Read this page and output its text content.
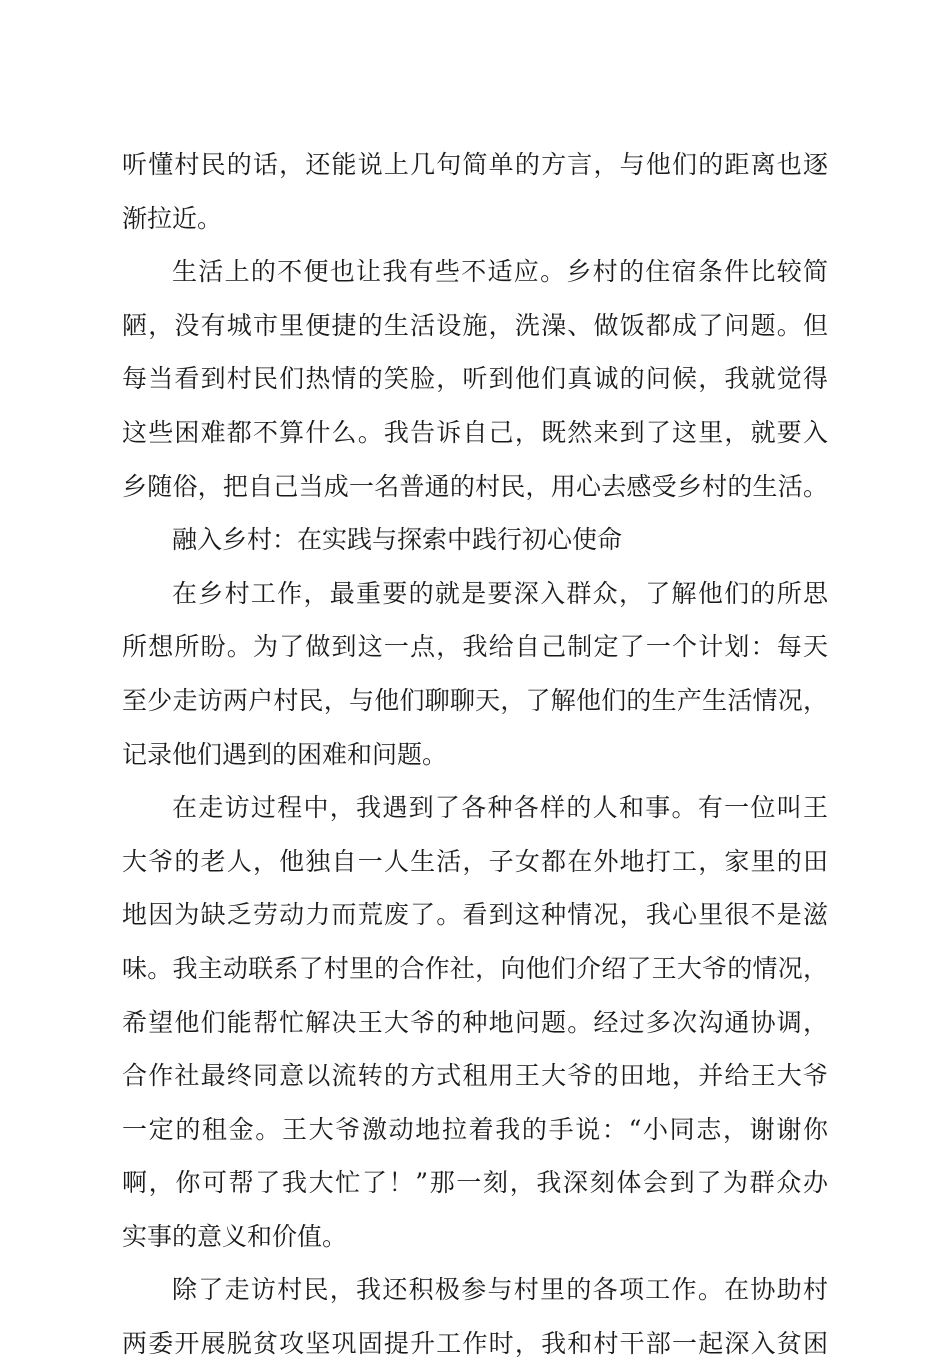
听懂村民的话，还能说上几句简单的方言，与他们的距离也逐
渐拉近。
生活上的不便也让我有些不适应。乡村的住宿条件比较简
陋，没有城市里便捷的生活设施，洗澡、做饭都成了问题。但
每当看到村民们热情的笑脸，听到他们真诚的问候，我就觉得
这些困难都不算什么。我告诉自己，既然来到了这里，就要入
乡随俗，把自己当成一名普通的村民，用心去感受乡村的生活。
融入乡村：在实践与探索中践行初心使命
在乡村工作，最重要的就是要深入群众，了解他们的所思
所想所盼。为了做到这一点，我给自己制定了一个计划：每天
至少走访两户村民，与他们聊聊天，了解他们的生产生活情况，
记录他们遇到的困难和问题。
在走访过程中，我遇到了各种各样的人和事。有一位叫王
大爷的老人，他独自一人生活，子女都在外地打工，家里的田
地因为缺乏劳动力而荒废了。看到这种情况，我心里很不是滋
味。我主动联系了村里的合作社，向他们介绍了王大爷的情况，
希望他们能帮忙解决王大爷的种地问题。经过多次沟通协调，
合作社最终同意以流转的方式租用王大爷的田地，并给王大爷
一定的租金。王大爷激动地拉着我的手说：“小同志，谢谢你
啊，你可帮了我大忙了！”那一刻，我深刻体会到了为群众办
实事的意义和价值。
除了走访村民，我还积极参与村里的各项工作。在协助村
两委开展脱贫攻坚巩固提升工作时，我和村干部一起深入贫困
